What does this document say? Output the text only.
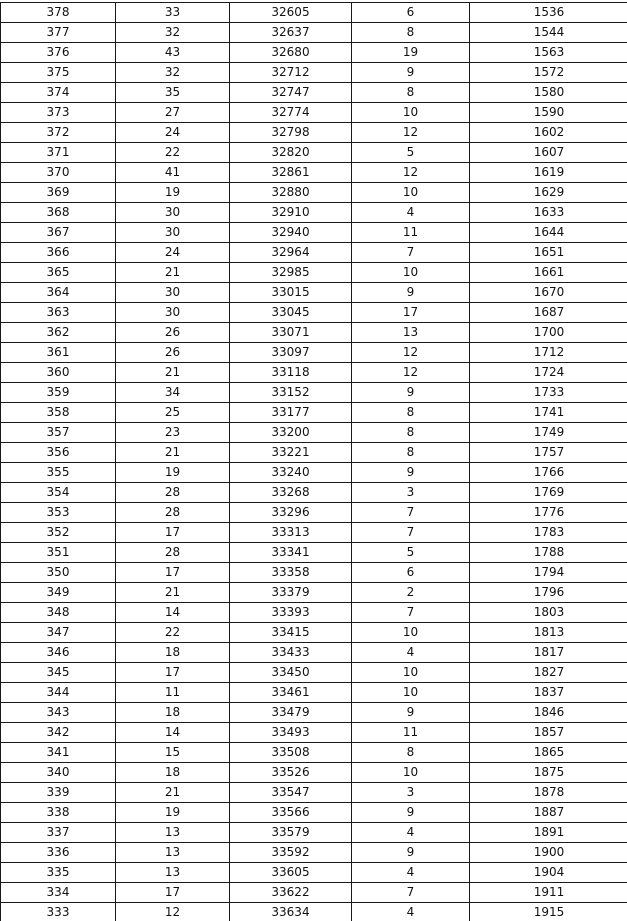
378	33	32605	6	1536
377	32	32637	8	1544
376	43	32680	19	1563
375	32	32712	9	1572
374	35	32747	8	1580
373	27	32774	10	1590
372	24	32798	12	1602
371	22	32820	5	1607
370	41	32861	12	1619
369	19	32880	10	1629
368	30	32910	4	1633
367	30	32940	11	1644
366	24	32964	7	1651
365	21	32985	10	1661
364	30	33015	9	1670
363	30	33045	17	1687
362	26	33071	13	1700
361	26	33097	12	1712
360	21	33118	12	1724
359	34	33152	9	1733
358	25	33177	8	1741
357	23	33200	8	1749
356	21	33221	8	1757
355	19	33240	9	1766
354	28	33268	3	1769
353	28	33296	7	1776
352	17	33313	7	1783
351	28	33341	5	1788
350	17	33358	6	1794
349	21	33379	2	1796
348	14	33393	7	1803
347	22	33415	10	1813
346	18	33433	4	1817
345	17	33450	10	1827
344	11	33461	10	1837
343	18	33479	9	1846
342	14	33493	11	1857
341	15	33508	8	1865
340	18	33526	10	1875
339	21	33547	3	1878
338	19	33566	9	1887
337	13	33579	4	1891
336	13	33592	9	1900
335	13	33605	4	1904
334	17	33622	7	1911
333	12	33634	4	1915
